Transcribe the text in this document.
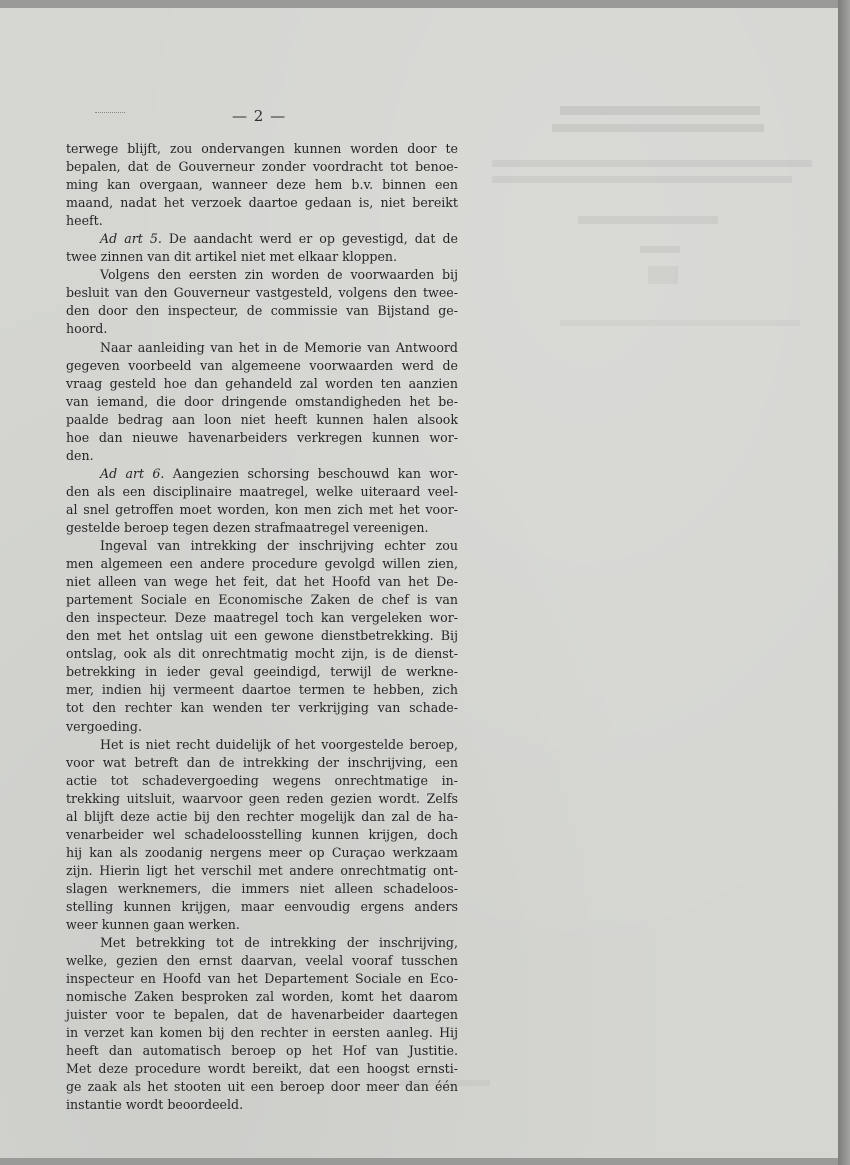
— 2 —
terwege blijft, zou ondervangen kunnen worden door te
bepalen, dat de Gouverneur zonder voordracht tot benoe-
ming kan overgaan, wanneer deze hem b.v. binnen een
maand, nadat het verzoek daartoe gedaan is, niet bereikt
heeft.
Ad art 5. De aandacht werd er op gevestigd, dat de
twee zinnen van dit artikel niet met elkaar kloppen.
Volgens den eersten zin worden de voorwaarden bij
besluit van den Gouverneur vastgesteld, volgens den twee-
den door den inspecteur, de commissie van Bijstand ge-
hoord.
Naar aanleiding van het in de Memorie van Antwoord
gegeven voorbeeld van algemeene voorwaarden werd de
vraag gesteld hoe dan gehandeld zal worden ten aanzien
van iemand, die door dringende omstandigheden het be-
paalde bedrag aan loon niet heeft kunnen halen alsook
hoe dan nieuwe havenarbeiders verkregen kunnen wor-
den.
Ad art 6. Aangezien schorsing beschouwd kan wor-
den als een disciplinaire maatregel, welke uiteraard veel-
al snel getroffen moet worden, kon men zich met het voor-
gestelde beroep tegen dezen strafmaatregel vereenigen.
Ingeval van intrekking der inschrijving echter zou
men algemeen een andere procedure gevolgd willen zien,
niet alleen van wege het feit, dat het Hoofd van het De-
partement Sociale en Economische Zaken de chef is van
den inspecteur. Deze maatregel toch kan vergeleken wor-
den met het ontslag uit een gewone dienstbetrekking. Bij
ontslag, ook als dit onrechtmatig mocht zijn, is de dienst-
betrekking in ieder geval geeindigd, terwijl de werkne-
mer, indien hij vermeent daartoe termen te hebben, zich
tot den rechter kan wenden ter verkrijging van schade-
vergoeding.
Het is niet recht duidelijk of het voorgestelde beroep,
voor wat betreft dan de intrekking der inschrijving, een
actie tot schadevergoeding wegens onrechtmatige in-
trekking uitsluit, waarvoor geen reden gezien wordt. Zelfs
al blijft deze actie bij den rechter mogelijk dan zal de ha-
venarbeider wel schadeloosstelling kunnen krijgen, doch
hij kan als zoodanig nergens meer op Curaçao werkzaam
zijn. Hierin ligt het verschil met andere onrechtmatig ont-
slagen werknemers, die immers niet alleen schadeloos-
stelling kunnen krijgen, maar eenvoudig ergens anders
weer kunnen gaan werken.
Met betrekking tot de intrekking der inschrijving,
welke, gezien den ernst daarvan, veelal vooraf tusschen
inspecteur en Hoofd van het Departement Sociale en Eco-
nomische Zaken besproken zal worden, komt het daarom
juister voor te bepalen, dat de havenarbeider daartegen
in verzet kan komen bij den rechter in eersten aanleg. Hij
heeft dan automatisch beroep op het Hof van Justitie.
Met deze procedure wordt bereikt, dat een hoogst ernsti-
ge zaak als het stooten uit een beroep door meer dan één
instantie wordt beoordeeld.
